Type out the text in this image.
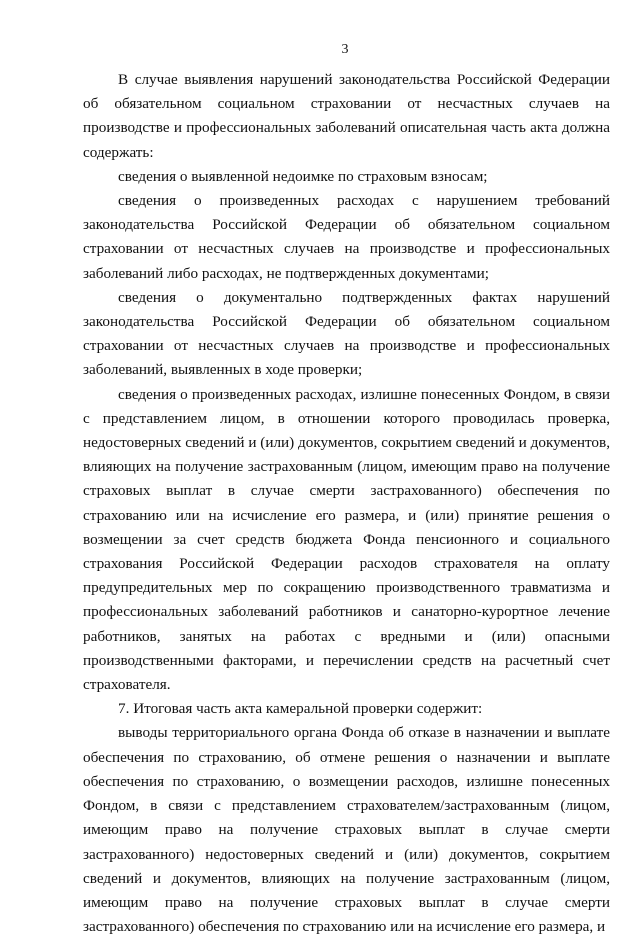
3

В случае выявления нарушений законодательства Российской Федерации об обязательном социальном страховании от несчастных случаев на производстве и профессиональных заболеваний описательная часть акта должна содержать:

сведения о выявленной недоимке по страховым взносам;

сведения о произведенных расходах с нарушением требований законодательства Российской Федерации об обязательном социальном страховании от несчастных случаев на производстве и профессиональных заболеваний либо расходах, не подтвержденных документами;

сведения о документально подтвержденных фактах нарушений законодательства Российской Федерации об обязательном социальном страховании от несчастных случаев на производстве и профессиональных заболеваний, выявленных в ходе проверки;

сведения о произведенных расходах, излишне понесенных Фондом, в связи с представлением лицом, в отношении которого проводилась проверка, недостоверных сведений и (или) документов, сокрытием сведений и документов, влияющих на получение застрахованным (лицом, имеющим право на получение страховых выплат в случае смерти застрахованного) обеспечения по страхованию или на исчисление его размера, и (или) принятие решения о возмещении за счет средств бюджета Фонда пенсионного и социального страхования Российской Федерации расходов страхователя на оплату предупредительных мер по сокращению производственного травматизма и профессиональных заболеваний работников и санаторно-курортное лечение работников, занятых на работах с вредными и (или) опасными производственными факторами, и перечислении средств на расчетный счет страхователя.

7. Итоговая часть акта камеральной проверки содержит:

выводы территориального органа Фонда об отказе в назначении и выплате обеспечения по страхованию, об отмене решения о назначении и выплате обеспечения по страхованию, о возмещении расходов, излишне понесенных Фондом, в связи с представлением страхователем/застрахованным (лицом, имеющим право на получение страховых выплат в случае смерти застрахованного) недостоверных сведений и (или) документов, сокрытием сведений и документов, влияющих на получение застрахованным (лицом, имеющим право на получение страховых выплат в случае смерти застрахованного) обеспечения по страхованию или на исчисление его размера, и
